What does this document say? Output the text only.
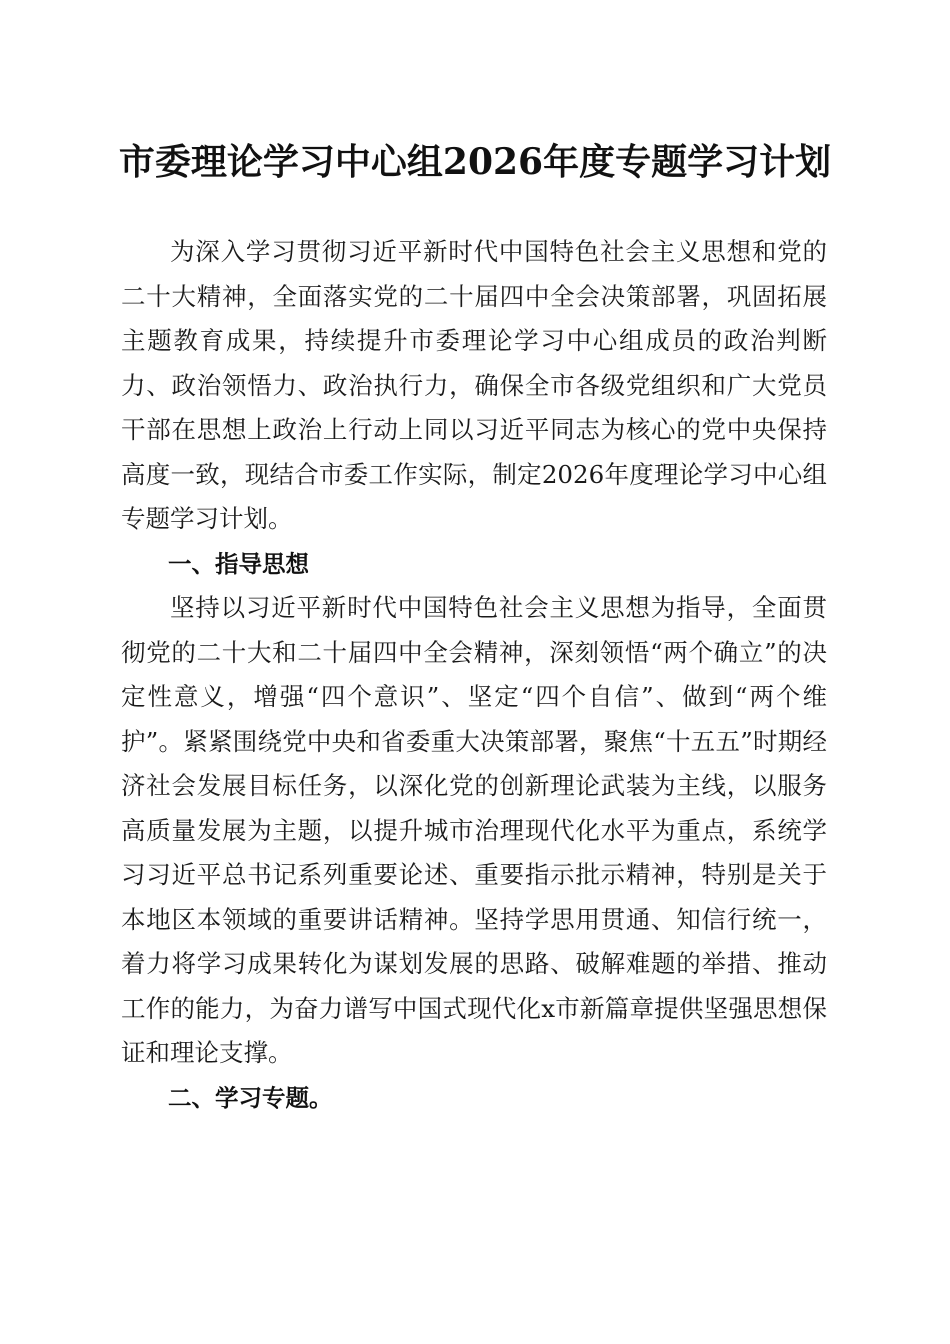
市委理论学习中心组2026年度专题学习计划

为深入学习贯彻习近平新时代中国特色社会主义思想和党的二十大精神，全面落实党的二十届四中全会决策部署，巩固拓展主题教育成果，持续提升市委理论学习中心组成员的政治判断力、政治领悟力、政治执行力，确保全市各级党组织和广大党员干部在思想上政治上行动上同以习近平同志为核心的党中央保持高度一致，现结合市委工作实际，制定2026年度理论学习中心组专题学习计划。

一、指导思想

坚持以习近平新时代中国特色社会主义思想为指导，全面贯彻党的二十大和二十届四中全会精神，深刻领悟“两个确立”的决定性意义，增强“四个意识”、坚定“四个自信”、做到“两个维护”。紧紧围绕党中央和省委重大决策部署，聚焦“十五五”时期经济社会发展目标任务，以深化党的创新理论武装为主线，以服务高质量发展为主题，以提升城市治理现代化水平为重点，系统学习习近平总书记系列重要论述、重要指示批示精神，特别是关于本地区本领域的重要讲话精神。坚持学思用贯通、知信行统一，着力将学习成果转化为谋划发展的思路、破解难题的举措、推动工作的能力，为奋力谱写中国式现代化x市新篇章提供坚强思想保证和理论支撑。

二、学习专题。
